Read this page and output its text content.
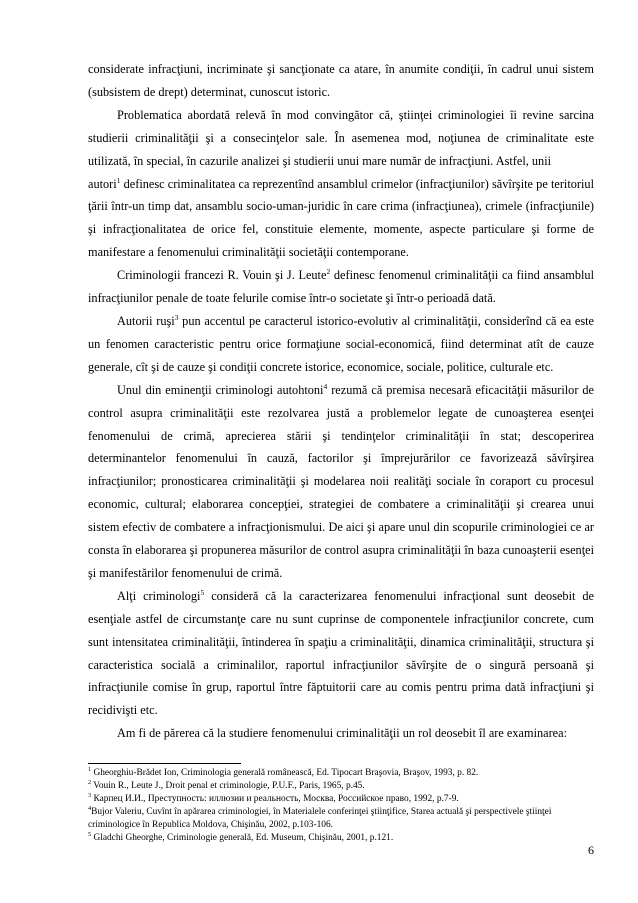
considerate infracţiuni, incriminate şi sancţionate ca atare, în anumite condiţii, în cadrul unui sistem (subsistem de drept) determinat, cunoscut istoric.

Problematica abordată relevă în mod convingător că, ştiinţei criminologiei îi revine sarcina studierii criminalităţii şi a consecinţelor sale. În asemenea mod, noţiunea de criminalitate este utilizată, în special, în cazurile analizei şi studierii unui mare număr de infracţiuni. Astfel, unii

autori$^1$ definesc criminalitatea ca reprezentînd ansamblul crimelor (infracţiunilor) săvîrşite pe teritoriul ţării într-un timp dat, ansamblu socio-uman-juridic în care crima (infracţiunea), crimele (infracţiunile) şi infracţionalitatea de orice fel, constituie elemente, momente, aspecte particulare şi forme de manifestare a fenomenului criminalităţii societăţii contemporane.

Criminologii francezi R. Vouin şi J. Leute$^2$ definesc fenomenul criminalităţii ca fiind ansamblul infracţiunilor penale de toate felurile comise într-o societate şi într-o perioadă dată.

Autorii ruşi$^3$ pun accentul pe caracterul istorico-evolutiv al criminalităţii, considerînd că ea este un fenomen caracteristic pentru orice formaţiune social-economică, fiind determinat atît de cauze generale, cît şi de cauze şi condiţii concrete istorice, economice, sociale, politice, culturale etc.

Unul din eminenţii criminologi autohtoni$^4$ rezumă că premisa necesară eficacităţii măsurilor de control asupra criminalităţii este rezolvarea justă a problemelor legate de cunoaşterea esenţei fenomenului de crimă, aprecierea stării şi tendinţelor criminalităţii în stat; descoperirea determinantelor fenomenului în cauză, factorilor şi împrejurărilor ce favorizează săvîrşirea infracţiunilor; pronosticarea criminalităţii şi modelarea noii realităţi sociale în coraport cu procesul economic, cultural; elaborarea concepţiei, strategiei de combatere a criminalităţii şi crearea unui sistem efectiv de combatere a infracţionismului. De aici şi apare unul din scopurile criminologiei ce ar consta în elaborarea şi propunerea măsurilor de control asupra criminalităţii în baza cunoaşterii esenţei şi manifestărilor fenomenului de crimă.

Alţi criminologi$^5$ consideră că la caracterizarea fenomenului infracţional sunt deosebit de esenţiale astfel de circumstanţe care nu sunt cuprinse de componentele infracţiunilor concrete, cum sunt intensitatea criminalităţii, întinderea în spaţiu a criminalităţii, dinamica criminalităţii, structura şi caracteristica socială a criminalilor, raportul infracţiunilor săvîrşite de o singură persoană şi infracţiunile comise în grup, raportul între făptuitorii care au comis pentru prima dată infracţiuni şi recidivişti etc.

Am fi de părerea că la studiere fenomenului criminalităţii un rol deosebit îl are examinarea:

$^1$ Gheorghiu-Brădet Ion, Criminologia generală românească, Ed. Tipocart Braşovia, Braşov, 1993, p. 82.

$^2$ Vouin R., Leute J., Droit penal et criminologie, P.U.F., Paris, 1965, p.45.

$^3$ Карпец И.И., Преступность: иллюзии и реальность, Москва, Российское право, 1992, p.7-9.

$^4$Bujor Valeriu, Cuvînt în apărarea criminologiei, în Materialele conferinţei ştiinţifice, Starea actuală şi perspectivele ştiinţei criminologice în Republica Moldova, Chişinău, 2002, p.103-106.

$^5$ Gladchi Gheorghe, Criminologie generală, Ed. Museum, Chişinău, 2001, p.121.

6
